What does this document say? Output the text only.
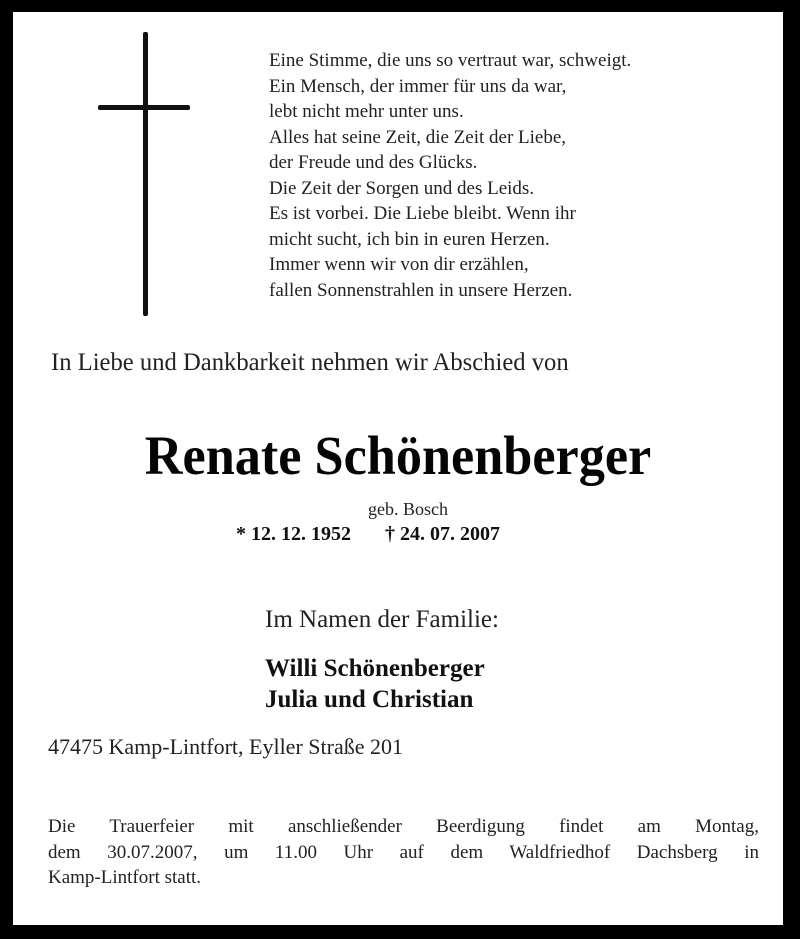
Eine Stimme, die uns so vertraut war, schweigt.
Ein Mensch, der immer für uns da war,
lebt nicht mehr unter uns.
Alles hat seine Zeit, die Zeit der Liebe,
der Freude und des Glücks.
Die Zeit der Sorgen und des Leids.
Es ist vorbei. Die Liebe bleibt. Wenn ihr
micht sucht, ich bin in euren Herzen.
Immer wenn wir von dir erzählen,
fallen Sonnenstrahlen in unsere Herzen.
In Liebe und Dankbarkeit nehmen wir Abschied von
Renate Schönenberger
geb. Bosch
* 12. 12. 1952 † 24. 07. 2007
Im Namen der Familie:
Willi Schönenberger
Julia und Christian
47475 Kamp-Lintfort, Eyller Straße 201
Die Trauerfeier mit anschließender Beerdigung findet am Montag,
dem 30.07.2007, um 11.00 Uhr auf dem Waldfriedhof Dachsberg in
Kamp-Lintfort statt.
